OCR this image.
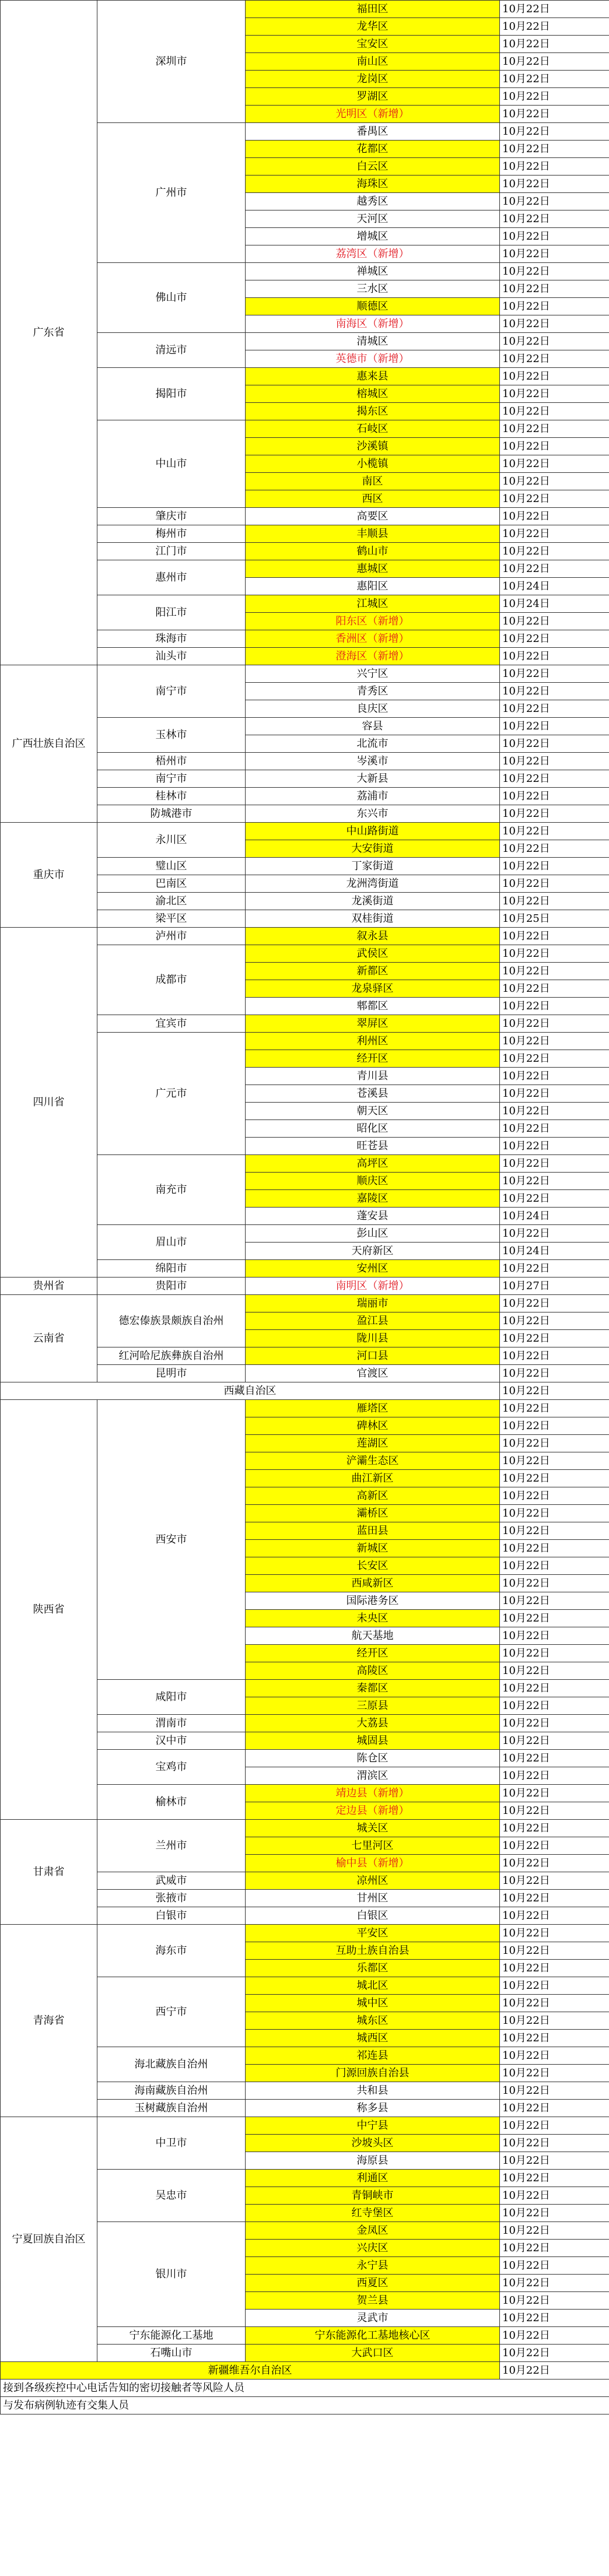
广东省	深圳市	福田区	10月22日
		龙华区	10月22日
		宝安区	10月22日
		南山区	10月22日
		龙岗区	10月22日
		罗湖区	10月22日
		光明区（新增）	10月22日
	广州市	番禺区	10月22日
		花都区	10月22日
		白云区	10月22日
		海珠区	10月22日
		越秀区	10月22日
		天河区	10月22日
		增城区	10月22日
		荔湾区（新增）	10月22日
	佛山市	禅城区	10月22日
		三水区	10月22日
		顺德区	10月22日
		南海区（新增）	10月22日
	清远市	清城区	10月22日
		英德市（新增）	10月22日
	揭阳市	惠来县	10月22日
		榕城区	10月22日
		揭东区	10月22日
	中山市	石岐区	10月22日
		沙溪镇	10月22日
		小榄镇	10月22日
		南区	10月22日
		西区	10月22日
	肇庆市	高要区	10月22日
	梅州市	丰顺县	10月22日
	江门市	鹤山市	10月22日
	惠州市	惠城区	10月22日
		惠阳区	10月24日
	阳江市	江城区	10月24日
		阳东区（新增）	10月22日
	珠海市	香洲区（新增）	10月22日
	汕头市	澄海区（新增）	10月22日
广西壮族自治区	南宁市	兴宁区	10月22日
		青秀区	10月22日
		良庆区	10月22日
	玉林市	容县	10月22日
		北流市	10月22日
	梧州市	岑溪市	10月22日
	南宁市	大新县	10月22日
	桂林市	荔浦市	10月22日
	防城港市	东兴市	10月22日
重庆市	永川区	中山路街道	10月22日
		大安街道	10月22日
	璧山区	丁家街道	10月22日
	巴南区	龙洲湾街道	10月22日
	渝北区	龙溪街道	10月22日
	梁平区	双桂街道	10月25日
四川省	泸州市	叙永县	10月22日
	成都市	武侯区	10月22日
		新都区	10月22日
		龙泉驿区	10月22日
		郫都区	10月22日
	宜宾市	翠屏区	10月22日
	广元市	利州区	10月22日
		经开区	10月22日
		青川县	10月22日
		苍溪县	10月22日
		朝天区	10月22日
		昭化区	10月22日
		旺苍县	10月22日
	南充市	高坪区	10月22日
		顺庆区	10月22日
		嘉陵区	10月22日
		蓬安县	10月24日
	眉山市	彭山区	10月22日
		天府新区	10月24日
	绵阳市	安州区	10月22日
贵州省	贵阳市	南明区（新增）	10月27日
云南省	德宏傣族景颇族自治州	瑞丽市	10月22日
		盈江县	10月22日
		陇川县	10月22日
	红河哈尼族彝族自治州	河口县	10月22日
	昆明市	官渡区	10月22日
西藏自治区			10月22日
陕西省	西安市	雁塔区	10月22日
		碑林区	10月22日
		莲湖区	10月22日
		浐灞生态区	10月22日
		曲江新区	10月22日
		高新区	10月22日
		灞桥区	10月22日
		蓝田县	10月22日
		新城区	10月22日
		长安区	10月22日
		西咸新区	10月22日
		国际港务区	10月22日
		未央区	10月22日
		航天基地	10月22日
		经开区	10月22日
		高陵区	10月22日
	咸阳市	秦都区	10月22日
		三原县	10月22日
	渭南市	大荔县	10月22日
	汉中市	城固县	10月22日
	宝鸡市	陈仓区	10月22日
		渭滨区	10月22日
	榆林市	靖边县（新增）	10月22日
		定边县（新增）	10月22日
甘肃省	兰州市	城关区	10月22日
		七里河区	10月22日
		榆中县（新增）	10月22日
	武威市	凉州区	10月22日
	张掖市	甘州区	10月22日
	白银市	白银区	10月22日
青海省	海东市	平安区	10月22日
		互助土族自治县	10月22日
		乐都区	10月22日
	西宁市	城北区	10月22日
		城中区	10月22日
		城东区	10月22日
		城西区	10月22日
	海北藏族自治州	祁连县	10月22日
		门源回族自治县	10月22日
	海南藏族自治州	共和县	10月22日
	玉树藏族自治州	称多县	10月22日
宁夏回族自治区	中卫市	中宁县	10月22日
		沙坡头区	10月22日
		海原县	10月22日
	吴忠市	利通区	10月22日
		青铜峡市	10月22日
		红寺堡区	10月22日
	银川市	金凤区	10月22日
		兴庆区	10月22日
		永宁县	10月22日
		西夏区	10月22日
		贺兰县	10月22日
		灵武市	10月22日
	宁东能源化工基地	宁东能源化工基地核心区	10月22日
	石嘴山市	大武口区	10月22日
新疆维吾尔自治区			10月22日
接到各级疾控中心电话告知的密切接触者等风险人员			
与发布病例轨迹有交集人员			
